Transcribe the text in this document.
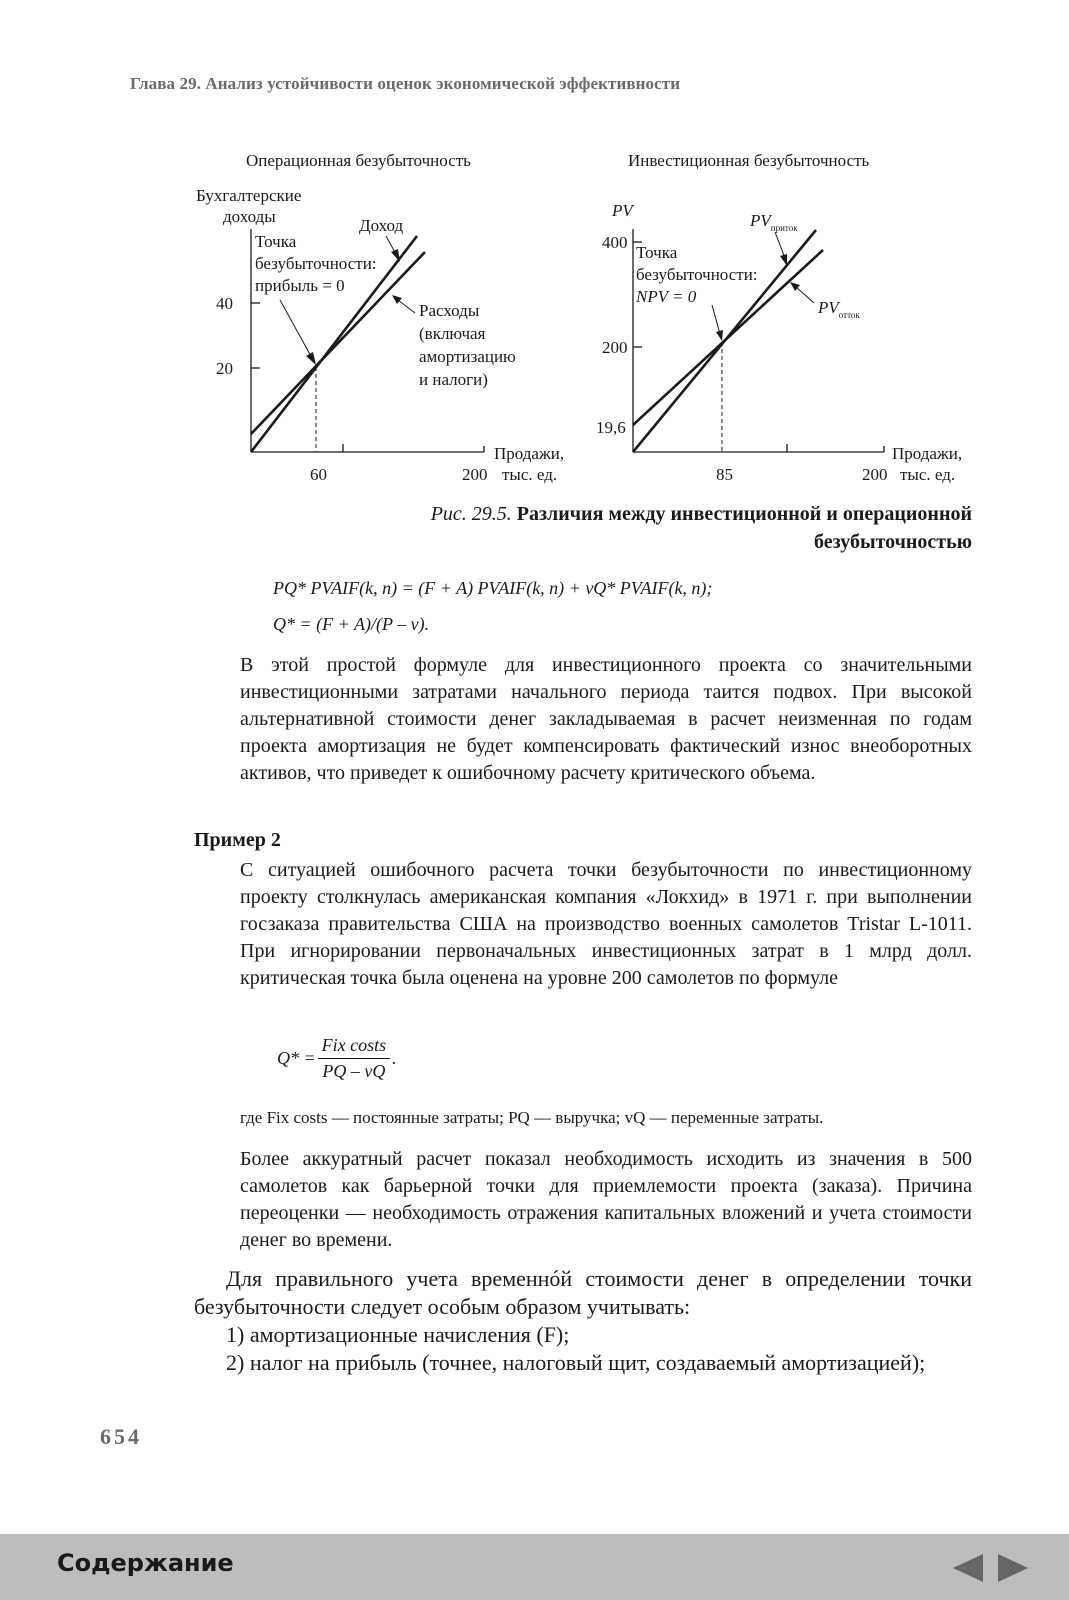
Глава 29. Анализ устойчивости оценок экономической эффективности
Операционная безубыточность
Бухгалтерские
доходы
40
20
60	200
Продажи,
тыс. ед.
Доход
Точка
безубыточности:
прибыль = 0
Расходы
(включая
амортизацию
и налоги)
Инвестиционная безубыточность
PV
400
200
19,6
85	200
Продажи,
тыс. ед.
$PV_{приток}$
$PV_{отток}$
Точка
безубыточности:
NPV = 0
Рис. 29.5. Различия между инвестиционной и операционной
безубыточностью
PQ* PVAIF(k, n) = (F + A) PVAIF(k, n) + vQ* PVAIF(k, n);
Q* = (F + A)/(P – v).

В этой простой формуле для инвестиционного проекта со значительными инвестиционными затратами начального периода таится подвох. При высокой альтернативной стоимости денег закладываемая в расчет неизменная по годам проекта амортизация не будет компенсировать фактический износ внеоборотных активов, что приведет к ошибочному расчету критического объема.

Пример 2

С ситуацией ошибочного расчета точки безубыточности по инвестиционному проекту столкнулась американская компания «Локхид» в 1971 г. при выполнении госзаказа правительства США на производство военных самолетов Tristar L-1011. При игнорировании первоначальных инвестиционных затрат в 1 млрд долл. критическая точка была оценена на уровне 200 самолетов по формуле

$Q* = \frac{\text{Fix costs}}{PQ - vQ}$ .
где Fix costs — постоянные затраты; PQ — выручка; vQ — переменные затраты.

Более аккуратный расчет показал необходимость исходить из значения в 500 самолетов как барьерной точки для приемлемости проекта (заказа). Причина переоценки — необходимость отражения капитальных вложений и учета стоимости денег во времени.

Для правильного учета временнóй стоимости денег в определении точки безубыточности следует особым образом учитывать:

1) амортизационные начисления (F);

2) налог на прибыль (точнее, налоговый щит, создаваемый амортизацией);

654
Содержание
